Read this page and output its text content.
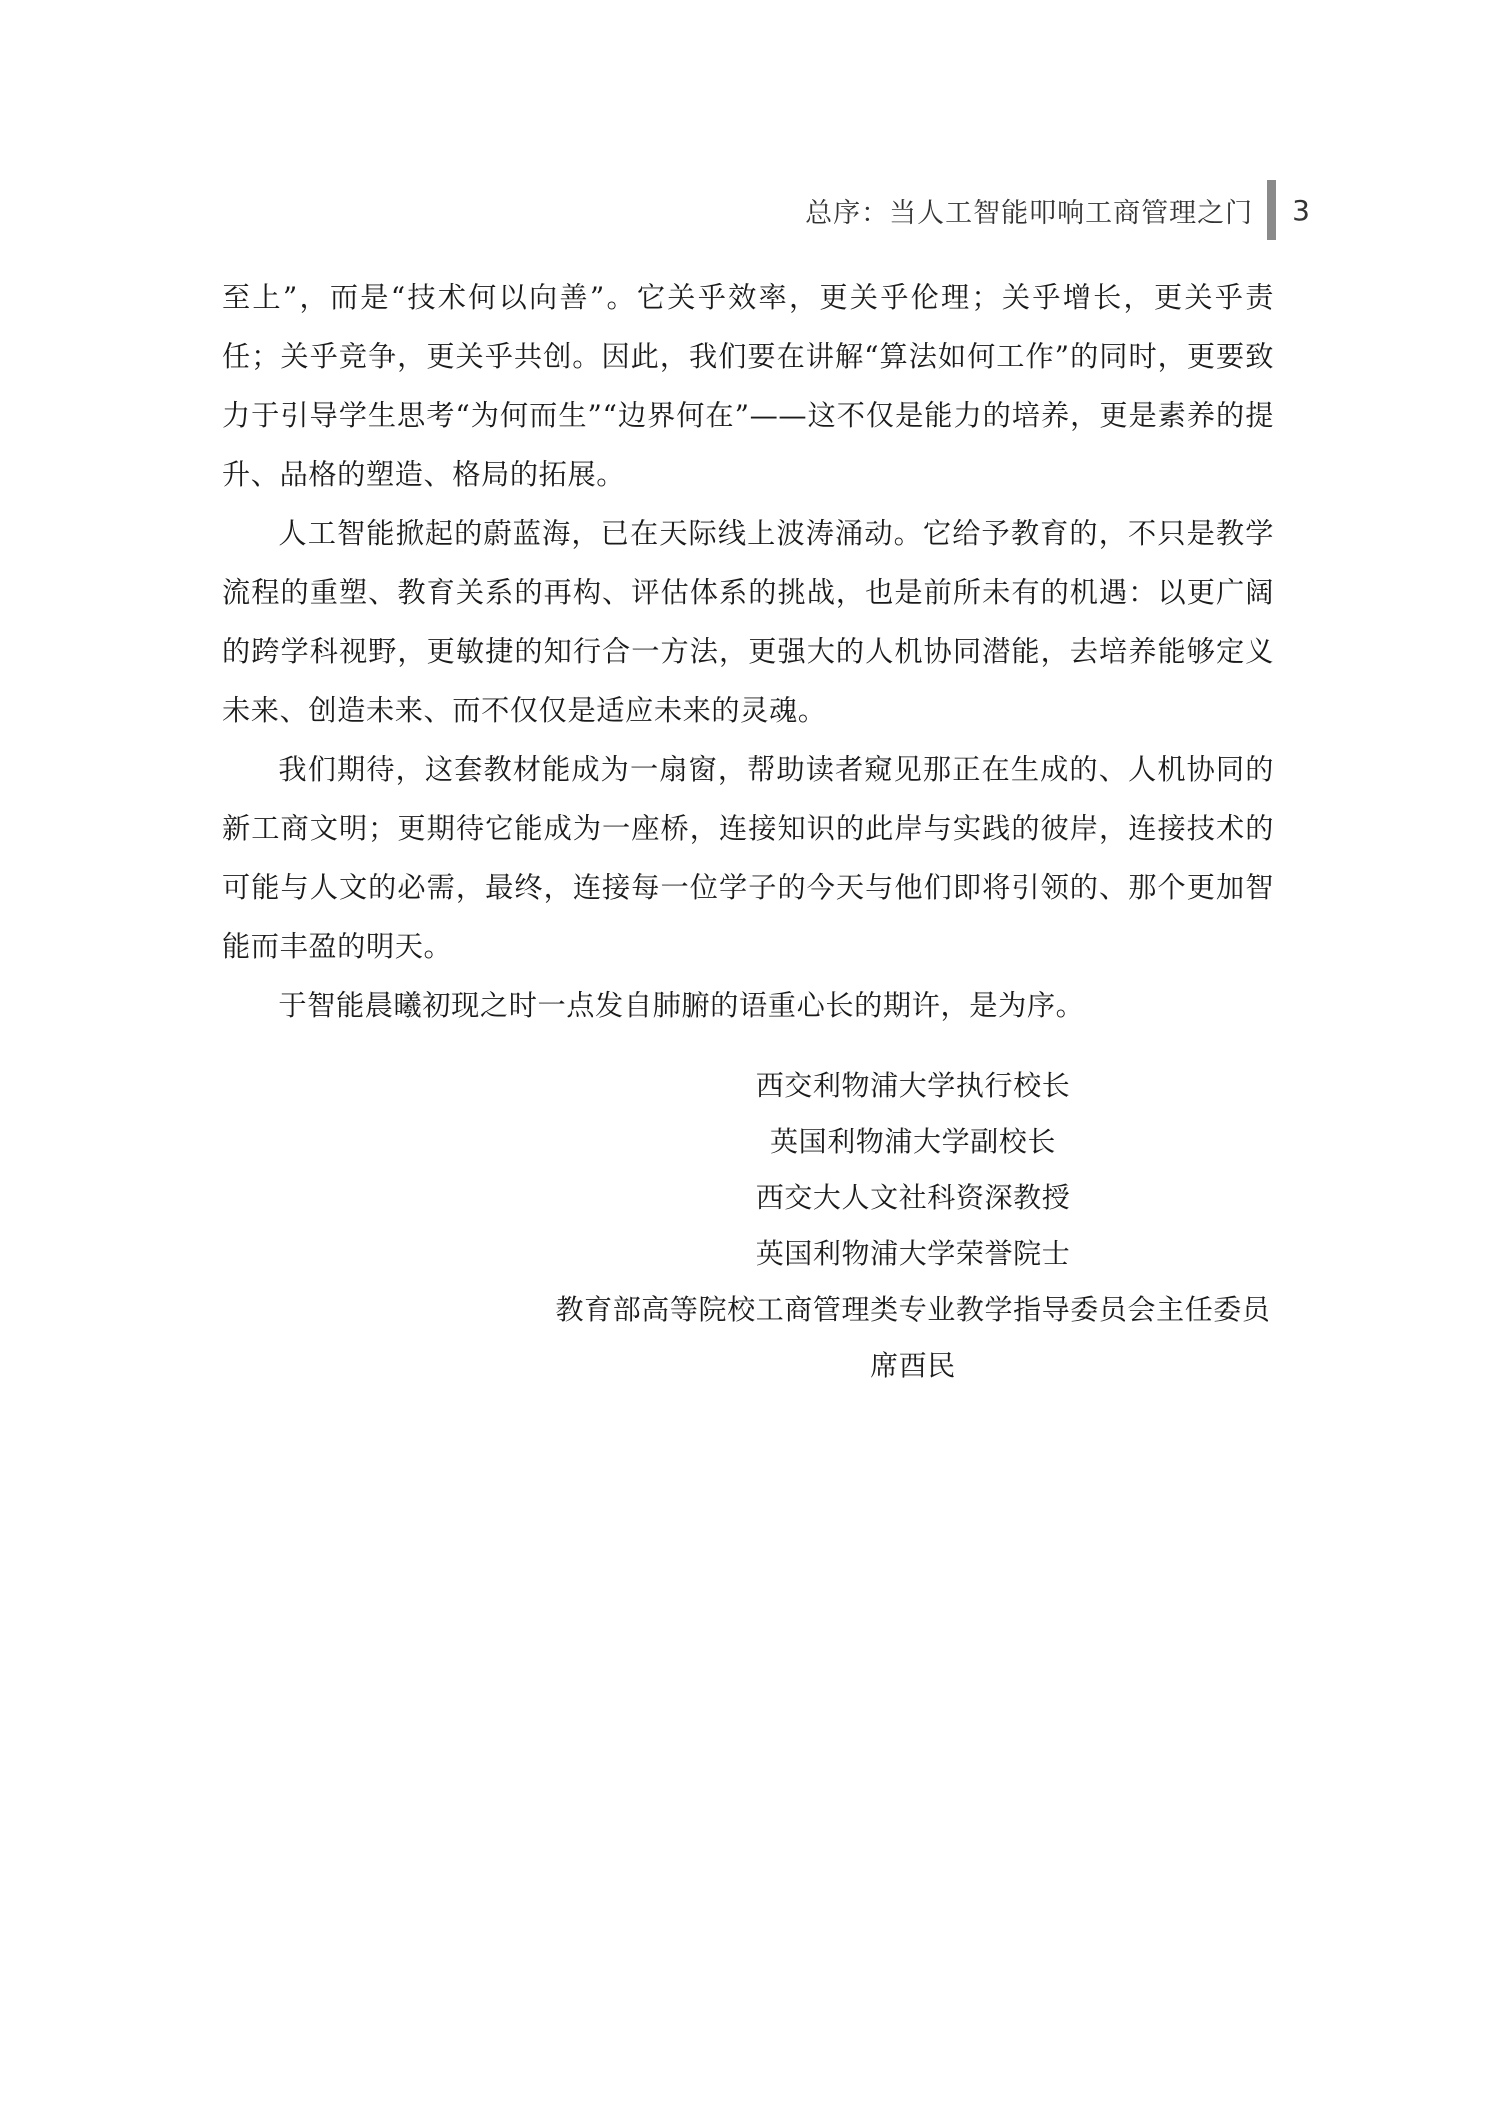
总序：当人工智能叩响工商管理之门 3

至上”，而是“技术何以向善”。它关乎效率，更关乎伦理；关乎增长，更关乎责任；关乎竞争，更关乎共创。因此，我们要在讲解“算法如何工作”的同时，更要致力于引导学生思考“为何而生”“边界何在”——这不仅是能力的培养，更是素养的提升、品格的塑造、格局的拓展。

人工智能掀起的蔚蓝海，已在天际线上波涛涌动。它给予教育的，不只是教学流程的重塑、教育关系的再构、评估体系的挑战，也是前所未有的机遇：以更广阔的跨学科视野，更敏捷的知行合一方法，更强大的人机协同潜能，去培养能够定义未来、创造未来、而不仅仅是适应未来的灵魂。

我们期待，这套教材能成为一扇窗，帮助读者窥见那正在生成的、人机协同的新工商文明；更期待它能成为一座桥，连接知识的此岸与实践的彼岸，连接技术的可能与人文的必需，最终，连接每一位学子的今天与他们即将引领的、那个更加智能而丰盈的明天。

于智能晨曦初现之时一点发自肺腑的语重心长的期许，是为序。

西交利物浦大学执行校长
英国利物浦大学副校长
西交大人文社科资深教授
英国利物浦大学荣誉院士
教育部高等院校工商管理类专业教学指导委员会主任委员
席酉民
